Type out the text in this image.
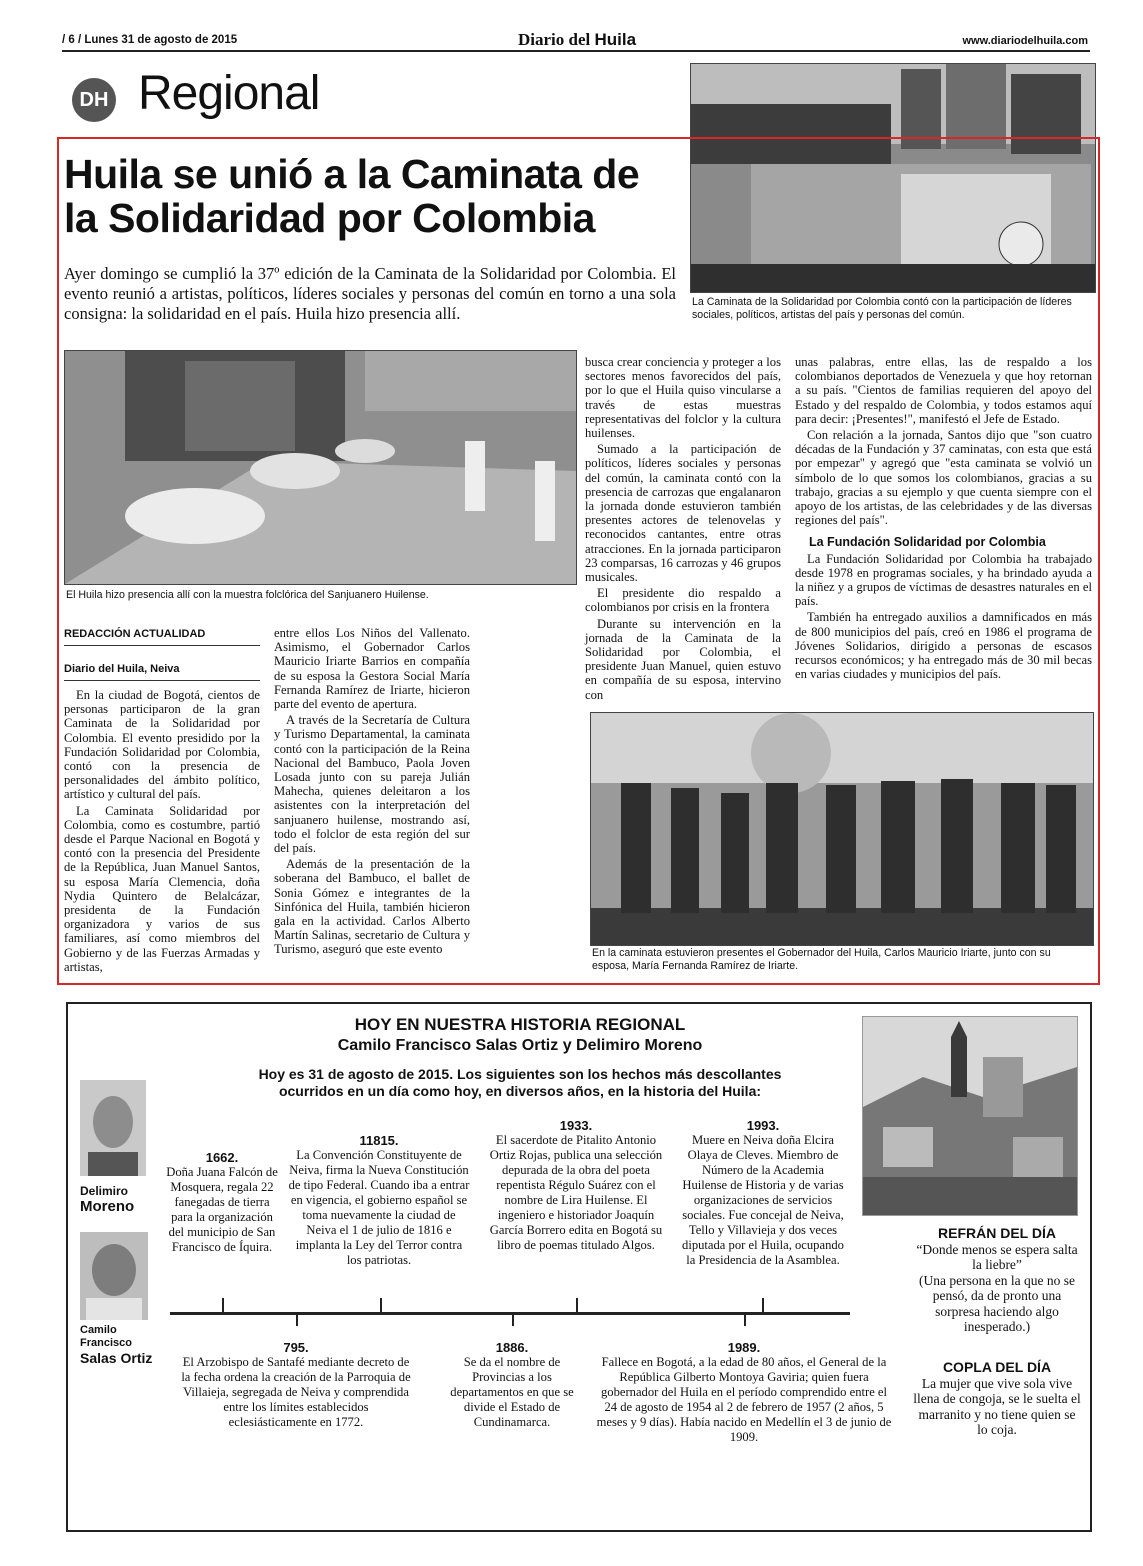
/ 6 / Lunes 31 de agosto de 2015	Diario del Huila	www.diariodelhuila.com
DH Regional
La Caminata de la Solidaridad por Colombia contó con la participación de líderes sociales, políticos, artistas del país y personas del común.
Huila se unió a la Caminata de
la Solidaridad por Colombia
Ayer domingo se cumplió la 37º edición de la Caminata de la Solidaridad por Colombia. El evento reunió a artistas, políticos, líderes sociales y personas del común en torno a una sola consigna: la solidaridad en el país. Huila hizo presencia allí.
El Huila hizo presencia allí con la muestra folclórica del Sanjuanero Huilense.
REDACCIÓN ACTUALIDAD
Diario del Huila, Neiva

En la ciudad de Bogotá, cientos de personas participaron de la gran Caminata de la Solidaridad por Colombia. El evento presidido por la Fundación Solidaridad por Colombia, contó con la presencia de personalidades del ámbito político, artístico y cultural del país.

La Caminata Solidaridad por Colombia, como es costumbre, partió desde el Parque Nacional en Bogotá y contó con la presencia del Presidente de la República, Juan Manuel Santos, su esposa María Clemencia, doña Nydia Quintero de Belalcázar, presidenta de la Fundación organizadora y varios de sus familiares, así como miembros del Gobierno y de las Fuerzas Armadas y artistas,

entre ellos Los Niños del Vallenato. Asimismo, el Gobernador Carlos Mauricio Iriarte Barrios en compañía de su esposa la Gestora Social María Fernanda Ramírez de Iriarte, hicieron parte del evento de apertura.

A través de la Secretaría de Cultura y Turismo Departamental, la caminata contó con la participación de la Reina Nacional del Bambuco, Paola Joven Losada junto con su pareja Julián Mahecha, quienes deleitaron a los asistentes con la interpretación del sanjuanero huilense, mostrando así, todo el folclor de esta región del sur del país.

Además de la presentación de la soberana del Bambuco, el ballet de Sonia Gómez e integrantes de la Sinfónica del Huila, también hicieron gala en la actividad. Carlos Alberto Martín Salinas, secretario de Cultura y Turismo, aseguró que este evento

busca crear conciencia y proteger a los sectores menos favorecidos del país, por lo que el Huila quiso vincularse a través de estas muestras representativas del folclor y la cultura huilenses.

Sumado a la participación de políticos, líderes sociales y personas del común, la caminata contó con la presencia de carrozas que engalanaron la jornada donde estuvieron también presentes actores de telenovelas y reconocidos cantantes, entre otras atracciones. En la jornada participaron 23 comparsas, 16 carrozas y 46 grupos musicales.

El presidente dio respaldo a colombianos por crisis en la frontera

Durante su intervención en la jornada de la Caminata de la Solidaridad por Colombia, el presidente Juan Manuel, quien estuvo en compañía de su esposa, intervino con

unas palabras, entre ellas, las de respaldo a los colombianos deportados de Venezuela y que hoy retornan a su país. "Cientos de familias requieren del apoyo del Estado y del respaldo de Colombia, y todos estamos aquí para decir: ¡Presentes!", manifestó el Jefe de Estado.

Con relación a la jornada, Santos dijo que "son cuatro décadas de la Fundación y 37 caminatas, con esta que está por empezar" y agregó que "esta caminata se volvió un símbolo de lo que somos los colombianos, gracias a su trabajo, gracias a su ejemplo y que cuenta siempre con el apoyo de los artistas, de las celebridades y de las diversas regiones del país".

La Fundación Solidaridad por Colombia

La Fundación Solidaridad por Colombia ha trabajado desde 1978 en programas sociales, y ha brindado ayuda a la niñez y a grupos de víctimas de desastres naturales en el país.

También ha entregado auxilios a damnificados en más de 800 municipios del país, creó en 1986 el programa de Jóvenes Solidarios, dirigido a personas de escasos recursos económicos; y ha entregado más de 30 mil becas en varias ciudades y municipios del país.

En la caminata estuvieron presentes el Gobernador del Huila, Carlos Mauricio Iriarte, junto con su esposa, María Fernanda Ramírez de Iriarte.
HOY EN NUESTRA HISTORIA REGIONAL
Camilo Francisco Salas Ortiz y Delimiro Moreno
Hoy es 31 de agosto de 2015. Los siguientes son los hechos más descollantes ocurridos en un día como hoy, en diversos años, en la historia del Huila:
Delimiro
Moreno
Camilo Francisco
Salas Ortiz
1662.
Doña Juana Falcón de Mosquera, regala 22 fanegadas de tierra para la organización del municipio de San Francisco de Íquira.
11815.
La Convención Constituyente de Neiva, firma la Nueva Constitución de tipo Federal. Cuando iba a entrar en vigencia, el gobierno español se toma nuevamente la ciudad de Neiva el 1 de julio de 1816 e implanta la Ley del Terror contra los patriotas.
1933.
El sacerdote de Pitalito Antonio Ortiz Rojas, publica una selección depurada de la obra del poeta repentista Régulo Suárez con el nombre de Lira Huilense. El ingeniero e historiador Joaquín García Borrero edita en Bogotá su libro de poemas titulado Algos.
1993.
Muere en Neiva doña Elcira Olaya de Cleves. Miembro de Número de la Academia Huilense de Historia y de varias organizaciones de servicios sociales. Fue concejal de Neiva, Tello y Villavieja y dos veces diputada por el Huila, ocupando la Presidencia de la Asamblea.
795.
El Arzobispo de Santafé mediante decreto de la fecha ordena la creación de la Parroquia de Villaieja, segregada de Neiva y comprendida entre los límites establecidos eclesiásticamente en 1772.
1886.
Se da el nombre de Provincias a los departamentos en que se divide el Estado de Cundinamarca.
1989.
Fallece en Bogotá, a la edad de 80 años, el General de la República Gilberto Montoya Gaviria; quien fuera gobernador del Huila en el período comprendido entre el 24 de agosto de 1954 al 2 de febrero de 1957 (2 años, 5 meses y 9 días). Había nacido en Medellín el 3 de junio de 1909.
REFRÁN DEL DÍA
“Donde menos se espera salta la liebre”
(Una persona en la que no se pensó, da de pronto una sorpresa haciendo algo inesperado.)
COPLA DEL DÍA
La mujer que vive sola vive llena de congoja, se le suelta el marranito y no tiene quien se lo coja.
